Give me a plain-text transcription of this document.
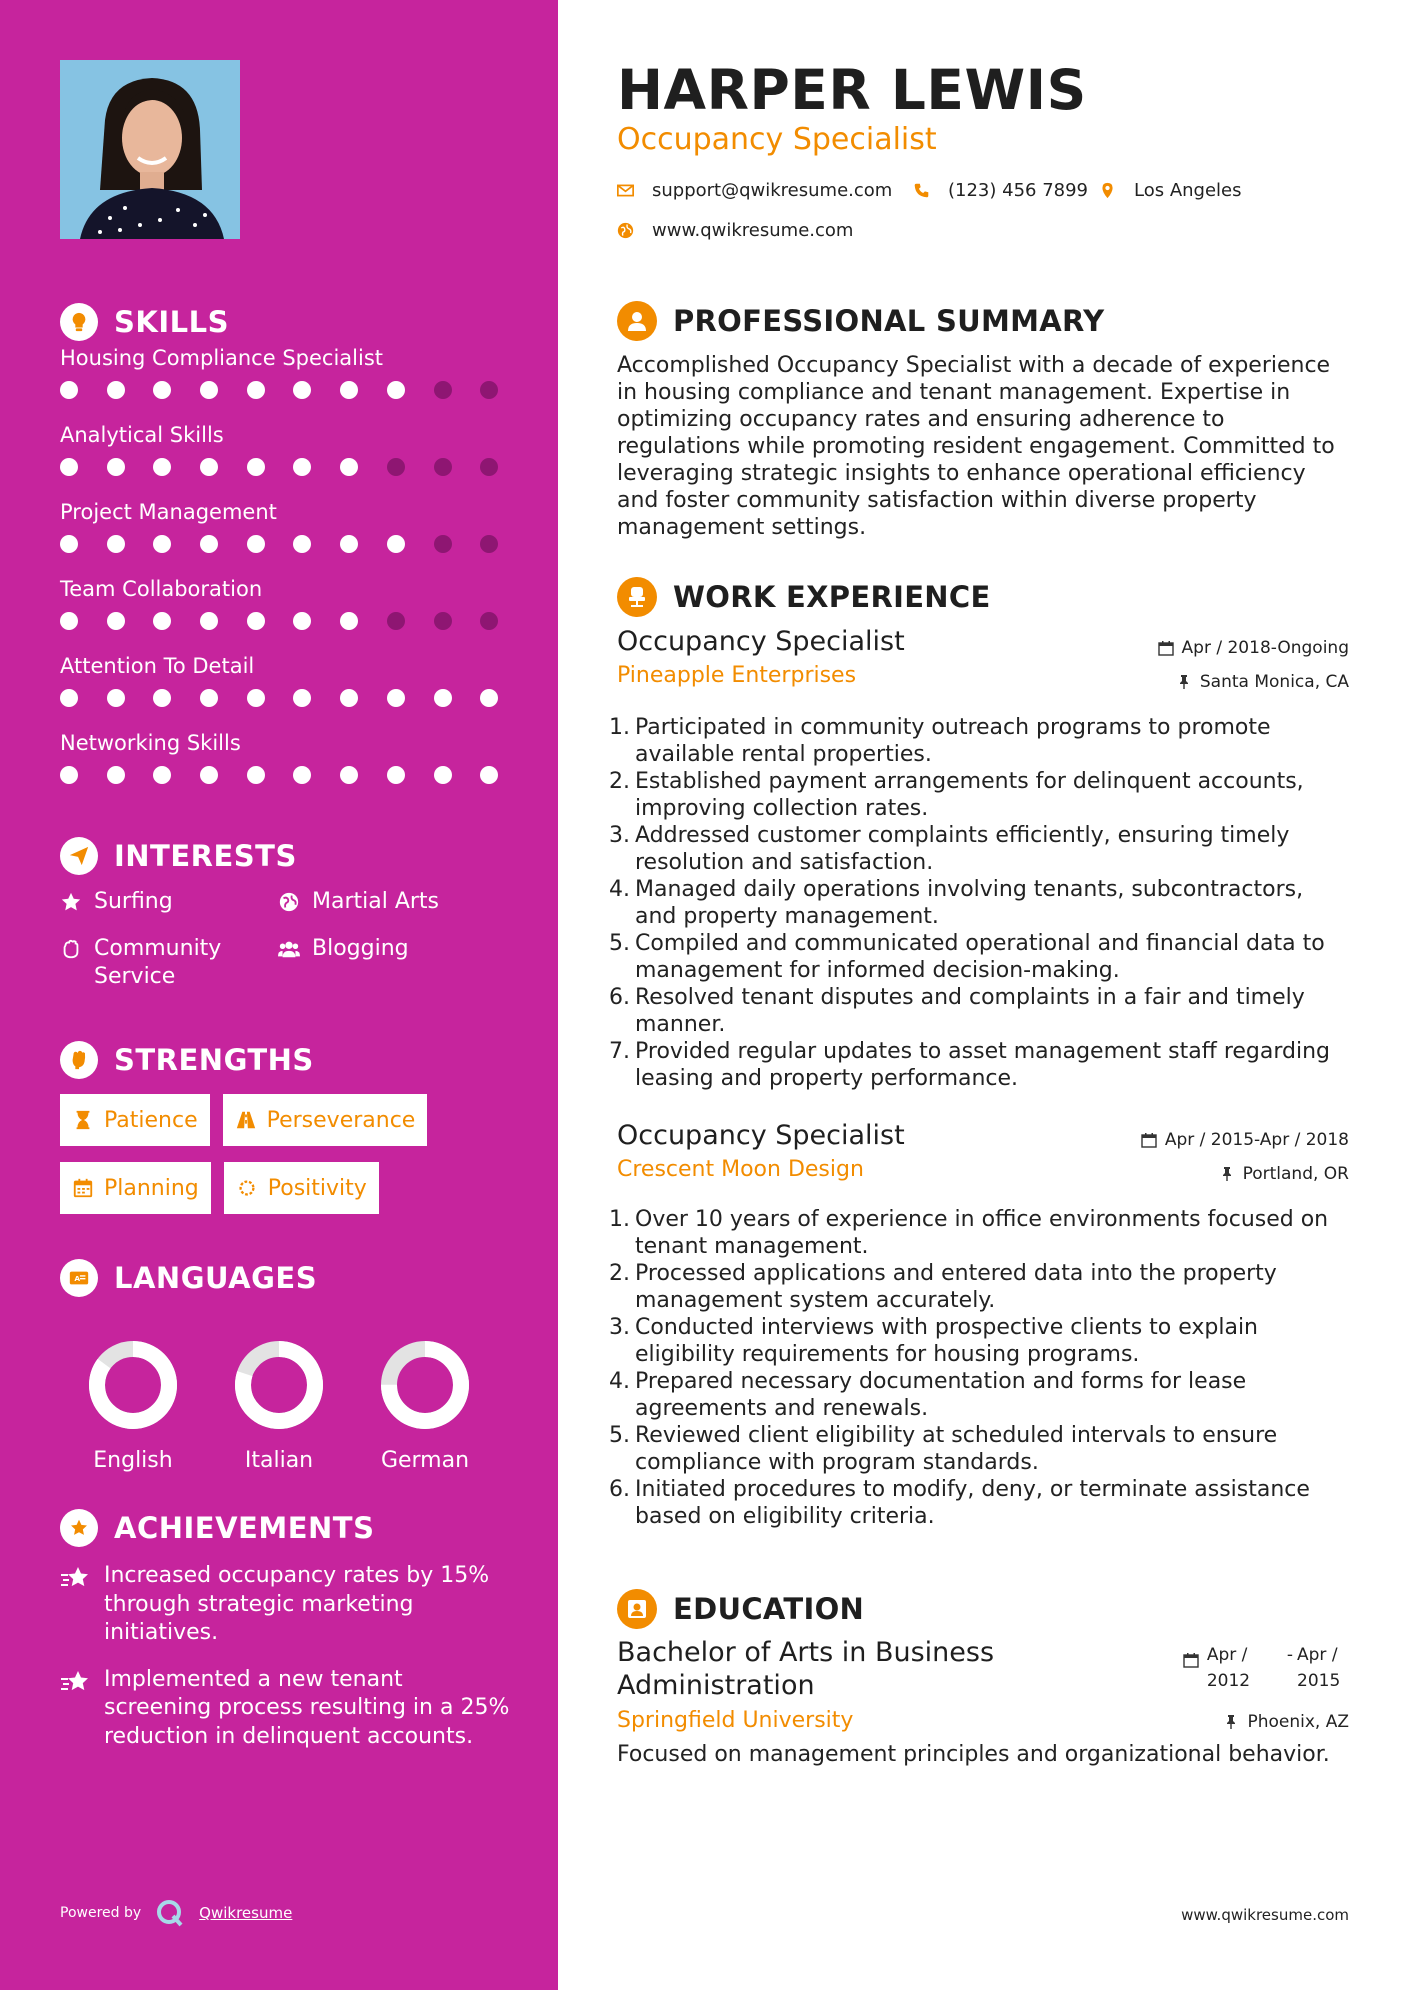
SKILLS
Housing Compliance Specialist
Analytical Skills
Project Management
Team Collaboration
Attention To Detail
Networking Skills
INTERESTS
Surfing	Martial Arts
Community Service
Blogging
STRENGTHS
Patience	Perseverance
Planning	Positivity
A LANGUAGES
English	Italian	German
ACHIEVEMENTS
Increased occupancy rates by 15% through strategic marketing initiatives.
Implemented a new tenant screening process resulting in a 25% reduction in delinquent accounts.
Powered by	Qwikresume
HARPER LEWIS
Occupancy Specialist
support@qwikresume.com	(123) 456 7899	Los Angeles
www.qwikresume.com
PROFESSIONAL SUMMARY

Accomplished Occupancy Specialist with a decade of experience in housing compliance and tenant management. Expertise in optimizing occupancy rates and ensuring adherence to regulations while promoting resident engagement. Committed to leveraging strategic insights to enhance operational efficiency and foster community satisfaction within diverse property management settings.

WORK EXPERIENCE
Occupancy Specialist
Pineapple Enterprises
Apr / 2018-Ongoing
Santa Monica, CA
1. Participated in community outreach programs to promote available rental properties.
2. Established payment arrangements for delinquent accounts, improving collection rates.
3. Addressed customer complaints efficiently, ensuring timely resolution and satisfaction.
4. Managed daily operations involving tenants, subcontractors, and property management.
5. Compiled and communicated operational and financial data to management for informed decision-making.
6. Resolved tenant disputes and complaints in a fair and timely manner.
7. Provided regular updates to asset management staff regarding leasing and property performance.
Occupancy Specialist
Crescent Moon Design
Apr / 2015-Apr / 2018
Portland, OR
1. Over 10 years of experience in office environments focused on tenant management.
2. Processed applications and entered data into the property management system accurately.
3. Conducted interviews with prospective clients to explain eligibility requirements for housing programs.
4. Prepared necessary documentation and forms for lease agreements and renewals.
5. Reviewed client eligibility at scheduled intervals to ensure compliance with program standards.
6. Initiated procedures to modify, deny, or terminate assistance based on eligibility criteria.
EDUCATION
Bachelor of Arts in Business Administration
Springfield University
Apr / 2012
- Apr / 2015
Phoenix, AZ

Focused on management principles and organizational behavior.

www.qwikresume.com
